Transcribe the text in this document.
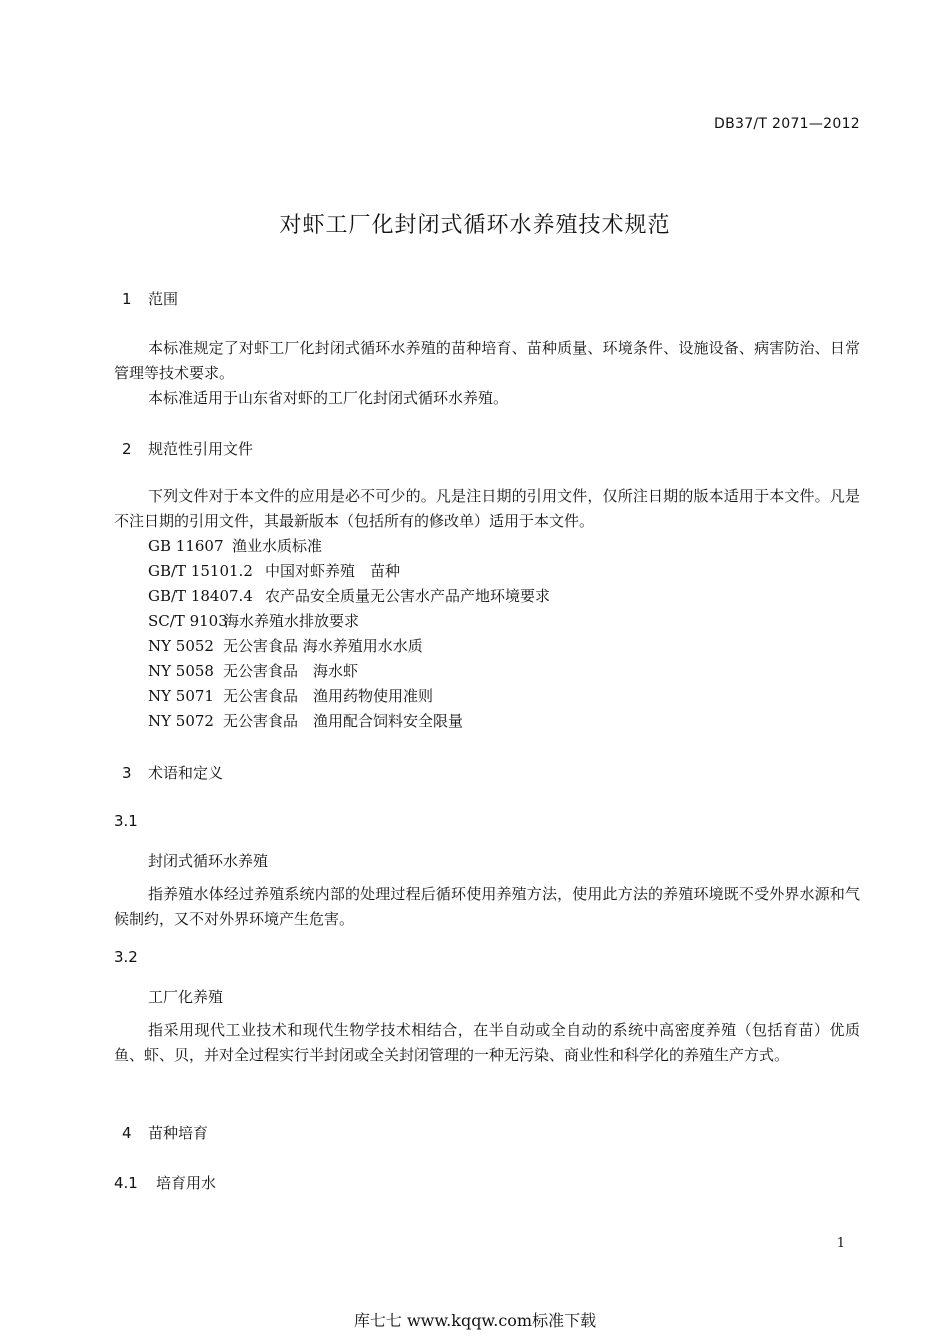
DB37/T 2071—2012
对虾工厂化封闭式循环水养殖技术规范
1 范围
本标准规定了对虾工厂化封闭式循环水养殖的苗种培育、苗种质量、环境条件、设施设备、病害防治、日常管理等技术要求。
本标准适用于山东省对虾的工厂化封闭式循环水养殖。
2 规范性引用文件
下列文件对于本文件的应用是必不可少的。凡是注日期的引用文件，仅所注日期的版本适用于本文件。凡是不注日期的引用文件，其最新版本（包括所有的修改单）适用于本文件。
GB 11607 渔业水质标准
GB/T 15101.2 中国对虾养殖　苗种
GB/T 18407.4 农产品安全质量无公害水产品产地环境要求
SC/T 9103海水养殖水排放要求
NY 5052 无公害食品 海水养殖用水水质
NY 5058 无公害食品　海水虾
NY 5071 无公害食品　渔用药物使用准则
NY 5072 无公害食品　渔用配合饲料安全限量
3 术语和定义
3.1
封闭式循环水养殖
指养殖水体经过养殖系统内部的处理过程后循环使用养殖方法，使用此方法的养殖环境既不受外界水源和气候制约，又不对外界环境产生危害。
3.2
工厂化养殖
指采用现代工业技术和现代生物学技术相结合，在半自动或全自动的系统中高密度养殖（包括育苗）优质鱼、虾、贝，并对全过程实行半封闭或全关封闭管理的一种无污染、商业性和科学化的养殖生产方式。
4 苗种培育
4.1 培育用水
1
库七七 www.kqqw.com标准下载
